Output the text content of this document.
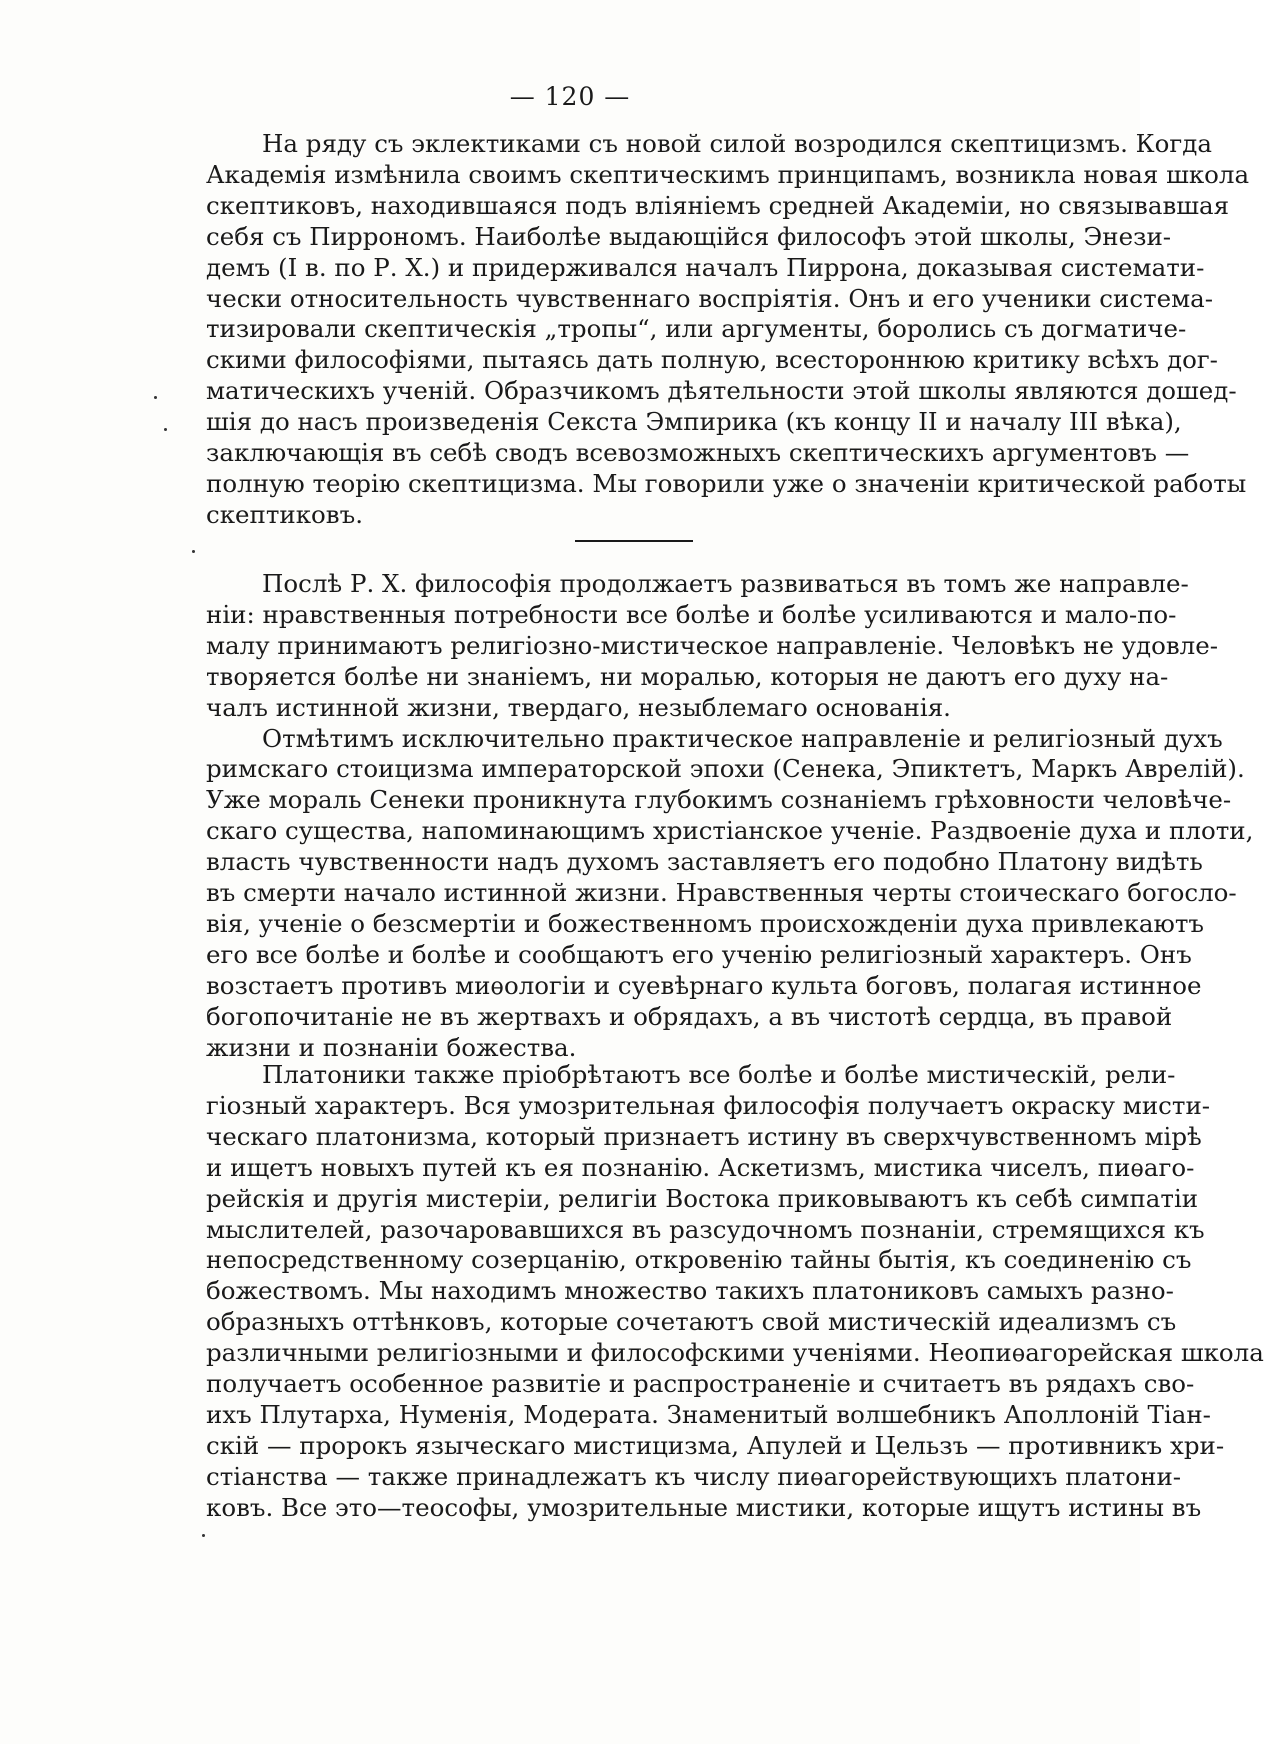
— 120 —
На ряду съ эклектиками съ новой силой возродился скептицизмъ. Когда
Академія измѣнила своимъ скептическимъ принципамъ, возникла новая школа
скептиковъ, находившаяся подъ вліяніемъ средней Академіи, но связывавшая
себя съ Пиррономъ. Наиболѣе выдающійся философъ этой школы, Энези-
демъ (I в. по Р. Х.) и придерживался началъ Пиррона, доказывая системати-
чески относительность чувственнаго воспріятія. Онъ и его ученики система-
тизировали скептическія „тропы“, или аргументы, боролись съ догматиче-
скими философіями, пытаясь дать полную, всестороннюю критику всѣхъ дог-
матическихъ ученій. Образчикомъ дѣятельности этой школы являются дошед-
шія до насъ произведенія Секста Эмпирика (къ концу II и началу III вѣка),
заключающія въ себѣ сводъ всевозможныхъ скептическихъ аргументовъ —
полную теорію скептицизма. Мы говорили уже о значеніи критической работы
скептиковъ.
Послѣ Р. Х. философія продолжаетъ развиваться въ томъ же направле-
ніи: нравственныя потребности все болѣе и болѣе усиливаются и мало-по-
малу принимаютъ религіозно-мистическое направленіе. Человѣкъ не удовле-
творяется болѣе ни знаніемъ, ни моралью, которыя не даютъ его духу на-
чалъ истинной жизни, твердаго, незыблемаго основанія.
Отмѣтимъ исключительно практическое направленіе и религіозный духъ
римскаго стоицизма императорской эпохи (Сенека, Эпиктетъ, Маркъ Аврелій).
Уже мораль Сенеки проникнута глубокимъ сознаніемъ грѣховности человѣче-
скаго существа, напоминающимъ христіанское ученіе. Раздвоеніе духа и плоти,
власть чувственности надъ духомъ заставляетъ его подобно Платону видѣть
въ смерти начало истинной жизни. Нравственныя черты стоическаго богосло-
вія, ученіе о безсмертіи и божественномъ происхожденіи духа привлекаютъ
его все болѣе и болѣе и сообщаютъ его ученію религіозный характеръ. Онъ
возстаетъ противъ миѳологіи и суевѣрнаго культа боговъ, полагая истинное
богопочитаніе не въ жертвахъ и обрядахъ, а въ чистотѣ сердца, въ правой
жизни и познаніи божества.
Платоники также пріобрѣтаютъ все болѣе и болѣе мистическій, рели-
гіозный характеръ. Вся умозрительная философія получаетъ окраску мисти-
ческаго платонизма, который признаетъ истину въ сверхчувственномъ мірѣ
и ищетъ новыхъ путей къ ея познанію. Аскетизмъ, мистика чиселъ, пиѳаго-
рейскія и другія мистеріи, религіи Востока приковываютъ къ себѣ симпатіи
мыслителей, разочаровавшихся въ разсудочномъ познаніи, стремящихся къ
непосредственному созерцанію, откровенію тайны бытія, къ соединенію съ
божествомъ. Мы находимъ множество такихъ платониковъ самыхъ разно-
образныхъ оттѣнковъ, которые сочетаютъ свой мистическій идеализмъ съ
различными религіозными и философскими ученіями. Неопиѳагорейская школа
получаетъ особенное развитіе и распространеніе и считаетъ въ рядахъ сво-
ихъ Плутарха, Нуменія, Модерата. Знаменитый волшебникъ Аполлоній Тіан-
скій — пророкъ языческаго мистицизма, Апулей и Цельзъ — противникъ хри-
стіанства — также принадлежатъ къ числу пиѳагорействующихъ платони-
ковъ. Все это—теософы, умозрительные мистики, которые ищутъ истины въ
